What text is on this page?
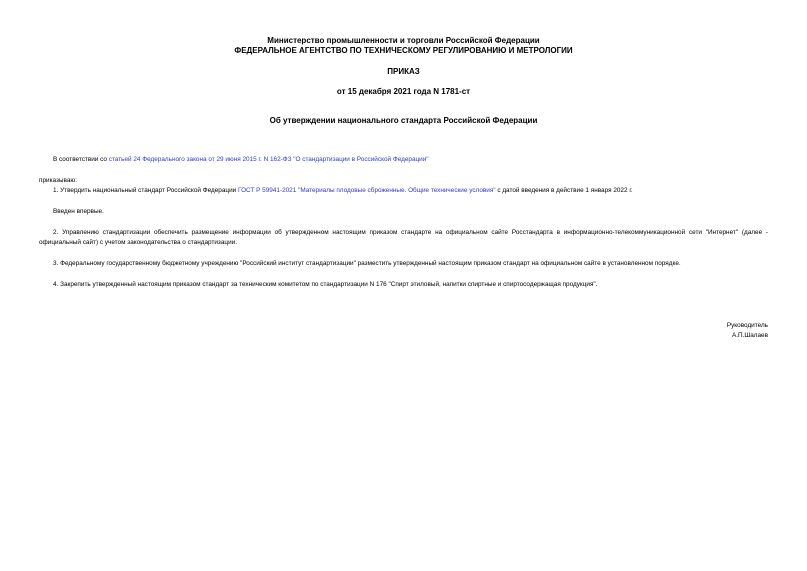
Министерство промышленности и торговли Российской Федерации
ФЕДЕРАЛЬНОЕ АГЕНТСТВО ПО ТЕХНИЧЕСКОМУ РЕГУЛИРОВАНИЮ И МЕТРОЛОГИИ
ПРИКАЗ
от 15 декабря 2021 года N 1781-ст
Об утверждении национального стандарта Российской Федерации
В соответствии со статьей 24 Федерального закона от 29 июня 2015 г. N 162-ФЗ "О стандартизации в Российской Федерации"
приказываю:
1. Утвердить национальный стандарт Российской Федерации ГОСТ Р 59941-2021 "Материалы плодовые сброженные. Общие технические условия" с датой введения в действие 1 января 2022 г.
Введен впервые.
2. Управлению стандартизации обеспечить размещение информации об утвержденном настоящим приказом стандарте на официальном сайте Росстандарта в информационно-телекоммуникационной сети "Интернет" (далее - официальный сайт) с учетом законодательства о стандартизации.
3. Федеральному государственному бюджетному учреждению "Российский институт стандартизации" разместить утвержденный настоящим приказом стандарт на официальном сайте в установленном порядке.
4. Закрепить утвержденный настоящим приказом стандарт за техническим комитетом по стандартизации N 176 "Спирт этиловый, напитки спиртные и спиртосодержащая продукция".
Руководитель
А.П.Шалаев
